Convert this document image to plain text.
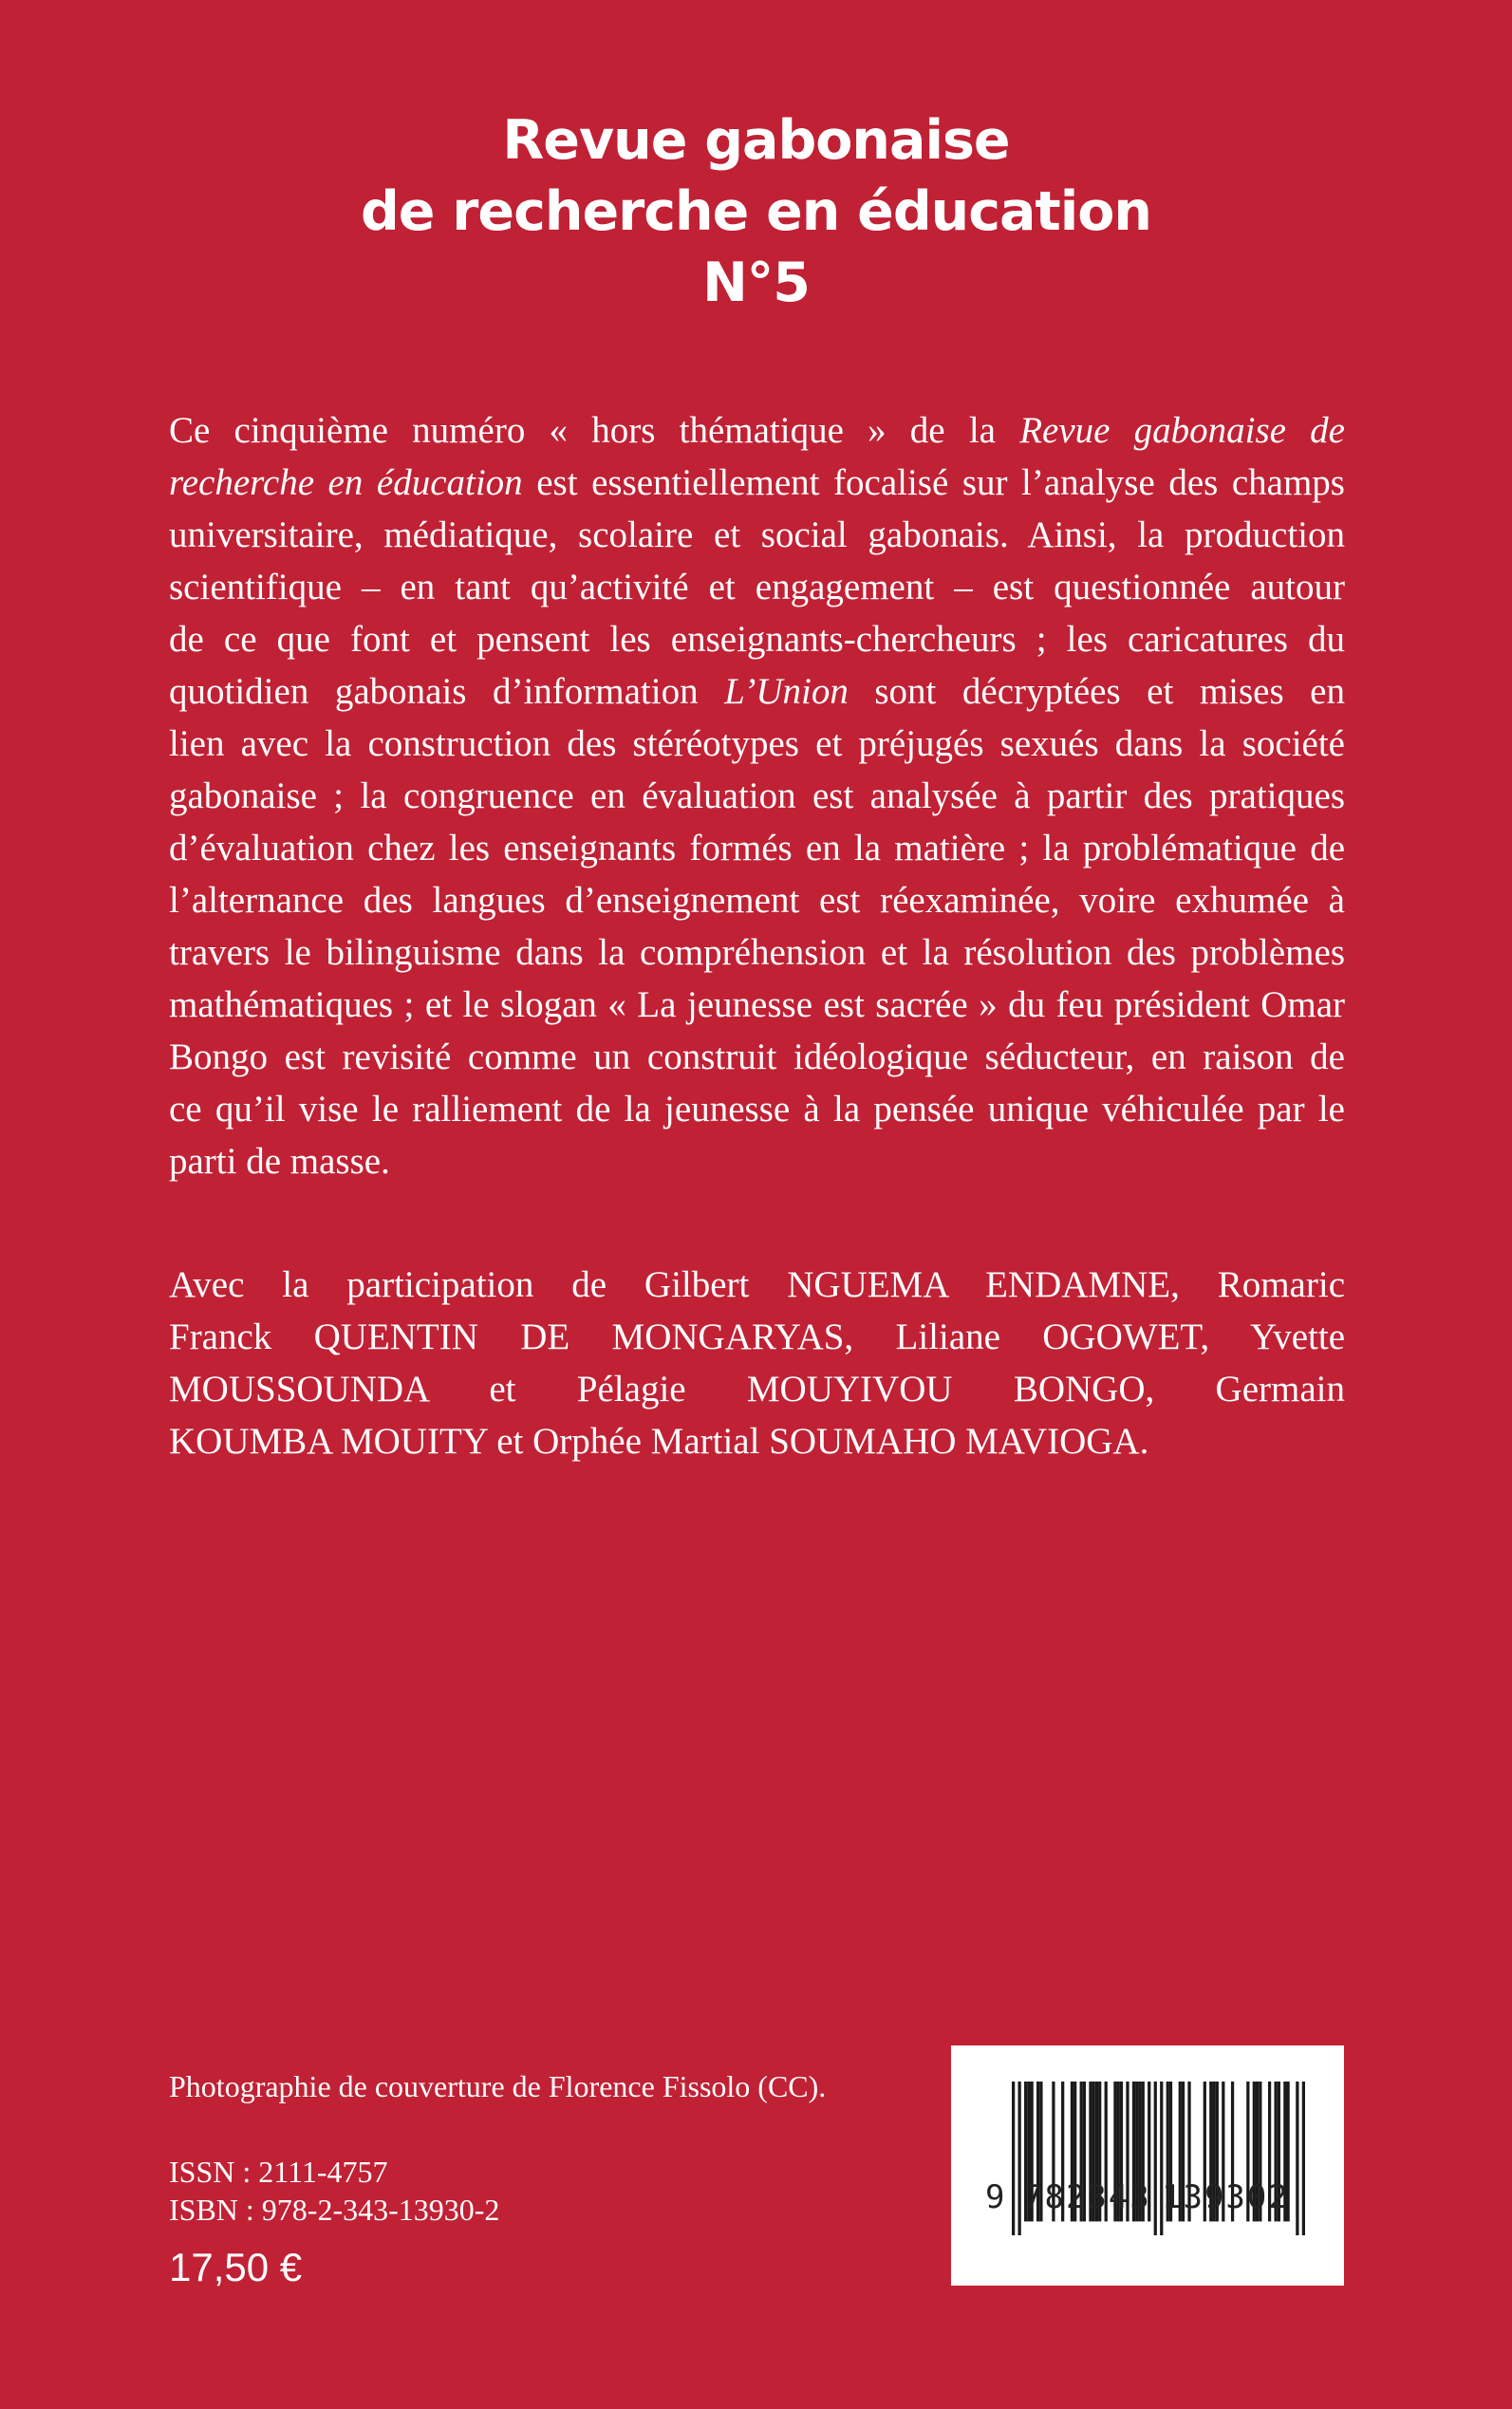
Revue gabonaise
de recherche en éducation
N°5
Ce cinquième numéro « hors thématique » de la Revue gabonaise de
recherche en éducation est essentiellement focalisé sur l’analyse des champs
universitaire, médiatique, scolaire et social gabonais. Ainsi, la production
scientifique – en tant qu’activité et engagement – est questionnée autour
de ce que font et pensent les enseignants-chercheurs ; les caricatures du
quotidien gabonais d’information L’Union sont décryptées et mises en
lien avec la construction des stéréotypes et préjugés sexués dans la société
gabonaise ; la congruence en évaluation est analysée à partir des pratiques
d’évaluation chez les enseignants formés en la matière ; la problématique de
l’alternance des langues d’enseignement est réexaminée, voire exhumée à
travers le bilinguisme dans la compréhension et la résolution des problèmes
mathématiques ; et le slogan « La jeunesse est sacrée » du feu président Omar
Bongo est revisité comme un construit idéologique séducteur, en raison de
ce qu’il vise le ralliement de la jeunesse à la pensée unique véhiculée par le
parti de masse.
Avec la participation de Gilbert NGUEMA ENDAMNE, Romaric
Franck QUENTIN DE MONGARYAS, Liliane OGOWET, Yvette
MOUSSOUNDA et Pélagie MOUYIVOU BONGO, Germain
KOUMBA MOUITY et Orphée Martial SOUMAHO MAVIOGA.
Photographie de couverture de Florence Fissolo (CC).
ISSN : 2111-4757
ISBN : 978-2-343-13930-2
17,50 €
9 782343 139302
